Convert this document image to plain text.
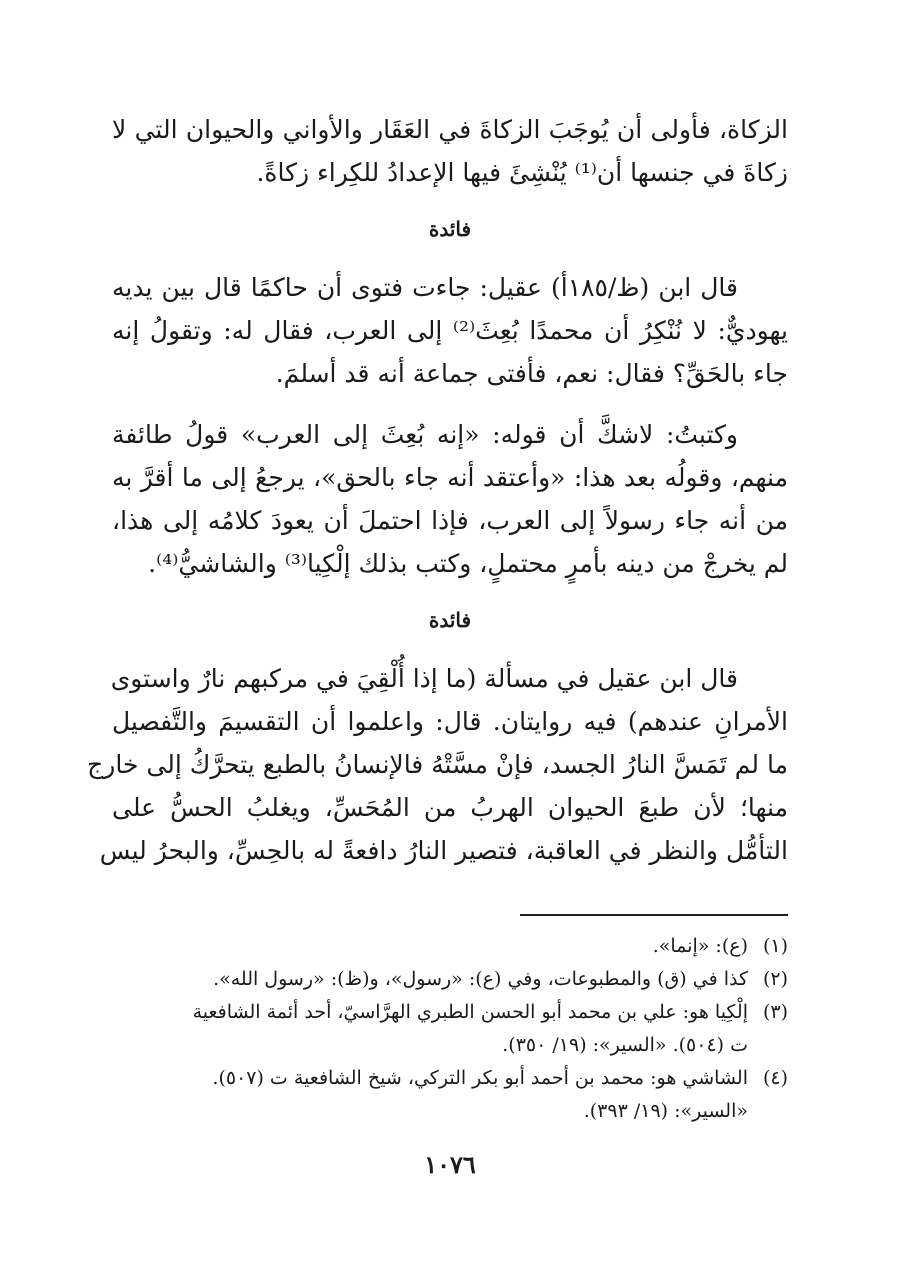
الزكاة، فأولى أن يُوجَبَ الزكاةَ في العَقَار والأواني والحيوان التي لا
زكاةَ في جنسها أن⁽¹⁾ يُنْشِئَ فيها الإعدادُ للكِراء زكاةً.
فائدة
قال ابن (ظ/١٨٥أ) عقيل: جاءت فتوى أن حاكمًا قال بين يديه
يهوديٌّ: لا نُنْكِرُ أن محمدًا بُعِثَ⁽²⁾ إلى العرب، فقال له: وتقولُ إنه
جاء بالحَقِّ؟ فقال: نعم، فأفتى جماعة أنه قد أسلمَ.
وكتبتُ: لاشكَّ أن قوله: «إنه بُعِثَ إلى العرب» قولُ طائفة
منهم، وقولُه بعد هذا: «وأعتقد أنه جاء بالحق»، يرجعُ إلى ما أقرَّ به
من أنه جاء رسولاً إلى العرب، فإذا احتملَ أن يعودَ كلامُه إلى هذا،
لم يخرجْ من دينه بأمرٍ محتملٍ، وكتب بذلك إلْكِيا⁽³⁾ والشاشيُّ⁽⁴⁾.
فائدة
قال ابن عقيل في مسألة (ما إذا أُلْقِيَ في مركبهم نارٌ واستوى
الأمرانِ عندهم) فيه روايتان. قال: واعلموا أن التقسيمَ والتَّفصيل
ما لم تَمَسَّ النارُ الجسد، فإنْ مسَّتْهُ فالإنسانُ بالطبع يتحرَّكُ إلى خارج
منها؛ لأن طبعَ الحيوان الهربُ من المُحَسِّ، ويغلبُ الحسُّ على
التأمُّل والنظر في العاقبة، فتصير النارُ دافعةً له بالحِسِّ، والبحرُ ليس
(١)
(ع): «إنما».
(٢)
كذا في (ق) والمطبوعات، وفي (ع): «رسول»، و(ظ): «رسول الله».
(٣)
إلْكِيا هو: علي بن محمد أبو الحسن الطبري الهرَّاسيّ، أحد أئمة الشافعية
ت (٥٠٤). «السير»: (١٩/ ٣٥٠).
(٤)
الشاشي هو: محمد بن أحمد أبو بكر التركي، شيخ الشافعية ت (٥٠٧).
«السير»: (١٩/ ٣٩٣).
١٠٧٦
